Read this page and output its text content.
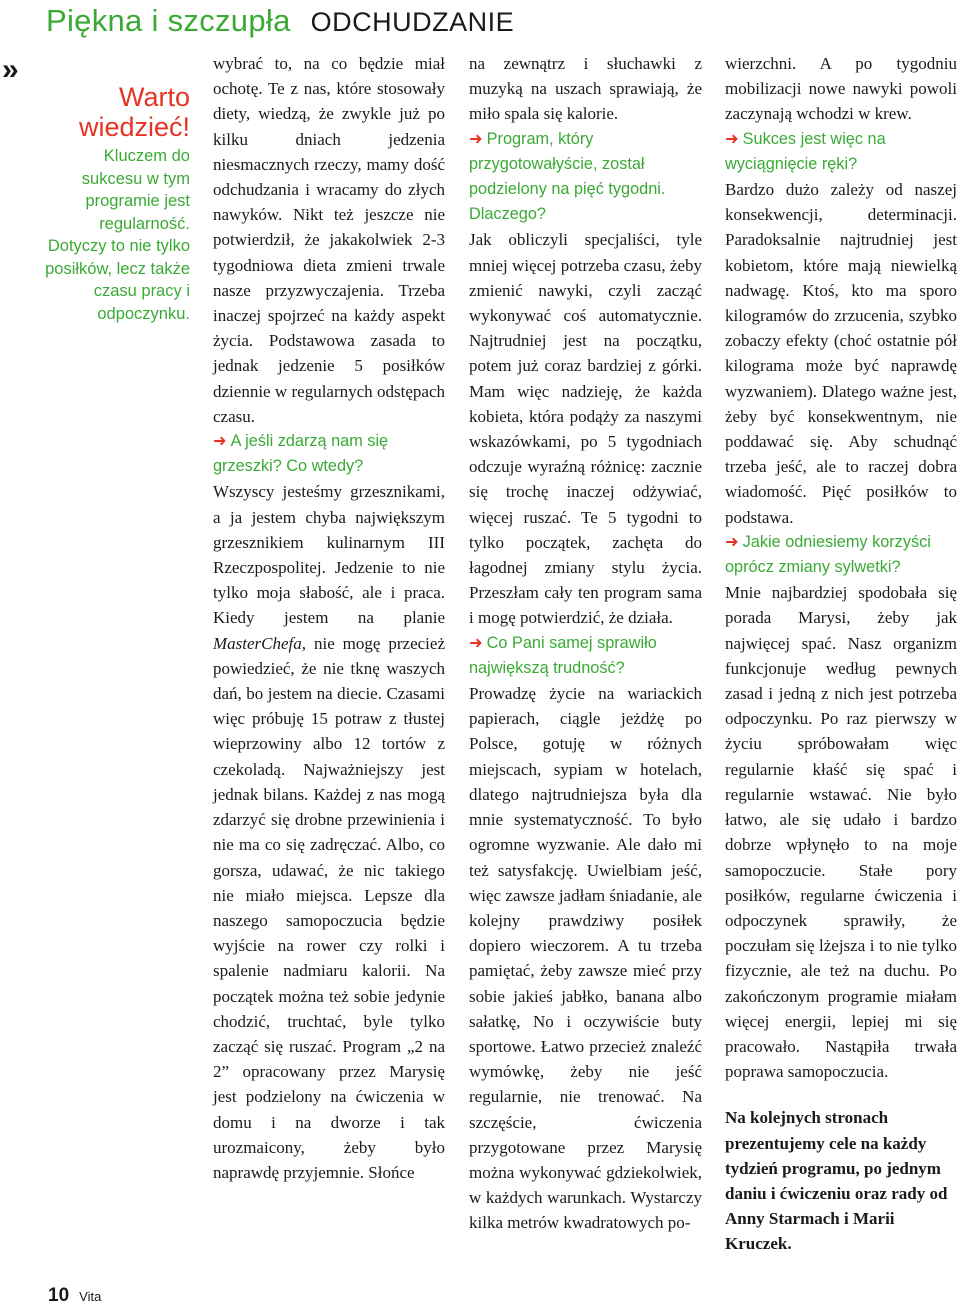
Piękna i szczupła ODCHUDZANIE
»
Warto
wiedzieć!
Kluczem do sukcesu w tym programie jest regularność. Dotyczy to nie tylko posiłków, lecz także czasu pracy i odpoczynku.

wybrać to, na co będzie miał ochotę. Te z nas, które stosowały diety, wiedzą, że zwykle już po kilku dniach jedzenia niesmacznych rzeczy, mamy dość odchudzania i wracamy do złych nawyków. Nikt też jeszcze nie potwierdził, że jakakolwiek 2-3 tygodniowa dieta zmieni trwale nasze przyzwyczajenia. Trzeba inaczej spojrzeć na każdy aspekt życia. Podstawowa zasada to jednak jedzenie 5 posiłków dziennie w regularnych odstępach czasu.

➜ A jeśli zdarzą nam się grzeszki? Co wtedy?

Wszyscy jesteśmy grzesznikami, a ja jestem chyba największym grzesznikiem kulinarnym III Rzeczpospolitej. Jedzenie to nie tylko moja słabość, ale i praca. Kiedy jestem na planie MasterChefa, nie mogę przecież powiedzieć, że nie tknę waszych dań, bo jestem na diecie. Czasami więc próbuję 15 potraw z tłustej wieprzowiny albo 12 tortów z czekoladą. Najważniejszy jest jednak bilans. Każdej z nas mogą zdarzyć się drobne przewinienia i nie ma co się zadręczać. Albo, co gorsza, udawać, że nic takiego nie miało miejsca. Lepsze dla naszego samopoczucia będzie wyjście na rower czy rolki i spalenie nadmiaru kalorii. Na początek można też sobie jedynie chodzić, truchtać, byle tylko zacząć się ruszać. Program „2 na 2” opracowany przez Marysię jest podzielony na ćwiczenia w domu i na dworze i tak urozmaicony, żeby było naprawdę przyjemnie. Słońce

na zewnątrz i słuchawki z muzyką na uszach sprawiają, że miło spala się kalorie.

➜ Program, który przygotowałyście, został podzielony na pięć tygodni. Dlaczego?

Jak obliczyli specjaliści, tyle mniej więcej potrzeba czasu, żeby zmienić nawyki, czyli zacząć wykonywać coś automatycznie. Najtrudniej jest na początku, potem już coraz bardziej z górki. Mam więc nadzieję, że każda kobieta, która podąży za naszymi wskazówkami, po 5 tygodniach odczuje wyraźną różnicę: zacznie się trochę inaczej odżywiać, więcej ruszać. Te 5 tygodni to tylko początek, zachęta do łagodnej zmiany stylu życia. Przeszłam cały ten program sama i mogę potwierdzić, że działa.

➜ Co Pani samej sprawiło największą trudność?

Prowadzę życie na wariackich papierach, ciągle jeżdżę po Polsce, gotuję w różnych miejscach, sypiam w hotelach, dlatego najtrudniejsza była dla mnie systematyczność. To było ogromne wyzwanie. Ale dało mi też satysfakcję. Uwielbiam jeść, więc zawsze jadłam śniadanie, ale kolejny prawdziwy posiłek dopiero wieczorem. A tu trzeba pamiętać, żeby zawsze mieć przy sobie jakieś jabłko, banana albo sałatkę, No i oczywiście buty sportowe. Łatwo przecież znaleźć wymówkę, żeby nie jeść regularnie, nie trenować. Na szczęście, ćwiczenia przygotowane przez Marysię można wykonywać gdziekolwiek, w każdych warunkach. Wystarczy kilka metrów kwadratowych po-

wierzchni. A po tygodniu mobilizacji nowe nawyki powoli zaczynają wchodzi w krew.

➜ Sukces jest więc na wyciągnięcie ręki?

Bardzo dużo zależy od naszej konsekwencji, determinacji. Paradoksalnie najtrudniej jest kobietom, które mają niewielką nadwagę. Ktoś, kto ma sporo kilogramów do zrzucenia, szybko zobaczy efekty (choć ostatnie pół kilograma może być naprawdę wyzwaniem). Dlatego ważne jest, żeby być konsekwentnym, nie poddawać się. Aby schudnąć trzeba jeść, ale to raczej dobra wiadomość. Pięć posiłków to podstawa.

➜ Jakie odniesiemy korzyści oprócz zmiany sylwetki?

Mnie najbardziej spodobała się porada Marysi, żeby jak najwięcej spać. Nasz organizm funkcjonuje według pewnych zasad i jedną z nich jest potrzeba odpoczynku. Po raz pierwszy w życiu spróbowałam więc regularnie kłaść się spać i regularnie wstawać. Nie było łatwo, ale się udało i bardzo dobrze wpłynęło to na moje samopoczucie. Stałe pory posiłków, regularne ćwiczenia i odpoczynek sprawiły, że poczułam się lżejsza i to nie tylko fizycznie, ale też na duchu. Po zakończonym programie miałam więcej energii, lepiej mi się pracowało. Nastąpiła trwała poprawa samopoczucia.

Na kolejnych stronach prezentujemy cele na każdy tydzień programu, po jednym daniu i ćwiczeniu oraz rady od Anny Starmach i Marii Kruczek.

10 Vita
